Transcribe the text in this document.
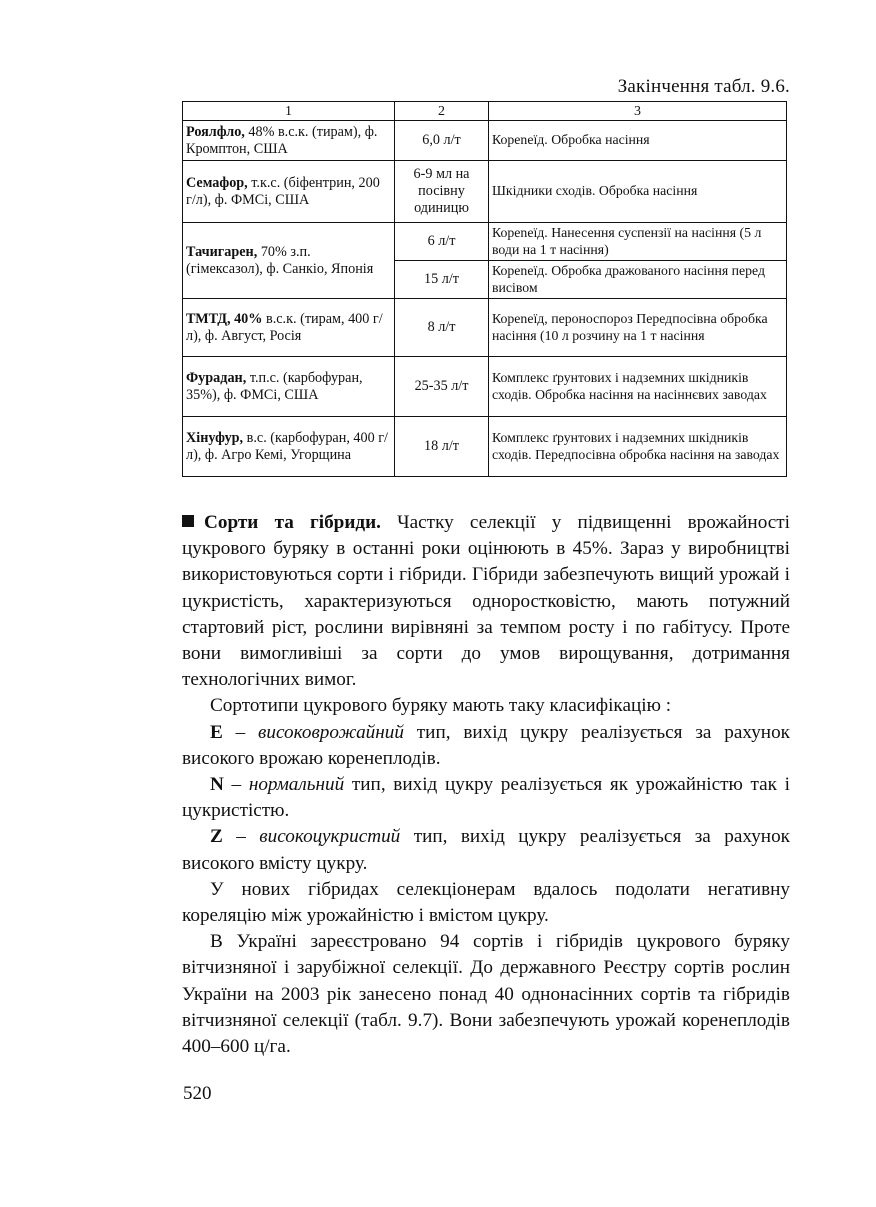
Закінчення табл. 9.6.
1	2	3
Роялфло, 48% в.с.к. (тирам), ф. Кромптон, США	6,0 л/т	Кореneїд. Обробка насіння
Семафор, т.к.с. (біфентрин, 200 г/л), ф. ФМСі, США	6-9 мл на посівну одиницю	Шкідники сходів. Обробка насіння
Тачигарен, 70% з.п. (гімексазол), ф. Санкіо, Японія	6 л/т	Кореneїд. Нанесення суспензії на насіння (5 л води на 1 т насіння)
	15 л/т	Кореneїд. Обробка дражованого насіння перед висівом
ТМТД, 40% в.с.к. (тирам, 400 г/л), ф. Август, Росія	8 л/т	Кореneїд, пероноспороз Передпосівна обробка насіння (10 л розчину на 1 т насіння
Фурадан, т.п.с. (карбофуран, 35%), ф. ФМСі, США	25-35 л/т	Комплекс ґрунтових і надземних шкідників сходів. Обробка насіння на насіннєвих заводах
Хінуфур, в.с. (карбофуран, 400 г/л), ф. Агро Кемі, Угорщина	18 л/т	Комплекс ґрунтових і надземних шкідників сходів. Передпосівна обробка насіння на заводах

Сорти та гібриди. Частку селекції у підвищенні врожайності цукрового буряку в останні роки оцінюють в 45%. Зараз у виробництві використовуються сорти і гібриди. Гібриди забезпечують вищий урожай і цукристість, характеризуються одноростковістю, мають потужний стартовий ріст, рослини вирівняні за темпом росту і по габітусу. Проте вони вимогливіші за сорти до умов вирощування, дотримання технологічних вимог.

Сортотипи цукрового буряку мають таку класифікацію :

Е – високоврожайний тип, вихід цукру реалізується за рахунок високого врожаю коренеплодів.

N – нормальний тип, вихід цукру реалізується як урожайністю так і цукристістю.

Z – високоцукристий тип, вихід цукру реалізується за рахунок високого вмісту цукру.

У нових гібридах селекціонерам вдалось подолати негативну кореляцію між урожайністю і вмістом цукру.

В Україні зареєстровано 94 сортів і гібридів цукрового буряку вітчизняної і зарубіжної селекції. До державного Реєстру сортів рослин України на 2003 рік занесено понад 40 однонасінних сортів та гібридів вітчизняної селекції (табл. 9.7). Вони забезпечують урожай коренеплодів 400–600 ц/га.

520
